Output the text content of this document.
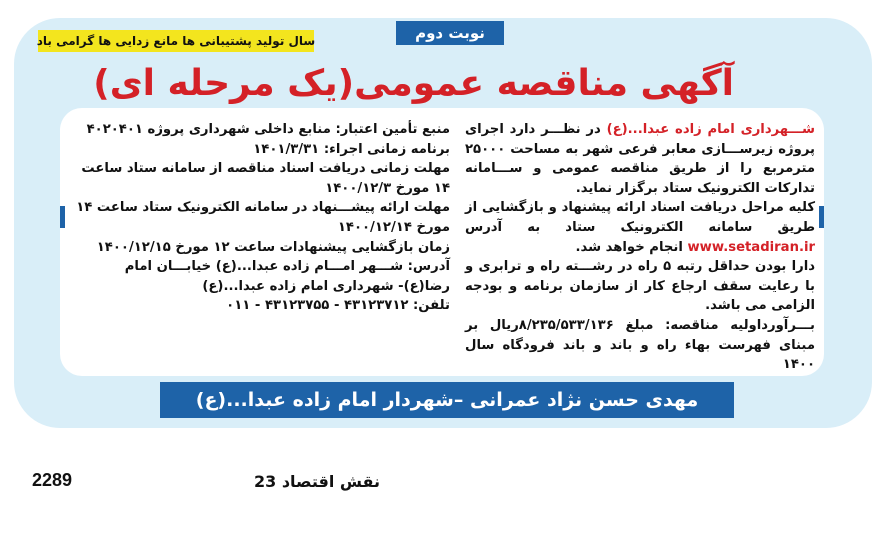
نوبت دوم
سال تولید پشتیبانی ها مانع زدایی ها گرامی باد
آگهی مناقصه عمومی(یک مرحله ای)

شـــهرداری امام زاده عبدا...(ع) در نظـــر دارد اجرای پروژه زیرســـازی معابر فرعی شهر به مساحت ۲۵۰۰۰ مترمربع را از طریق مناقصه عمومی و ســـامانه تدارکات الکترونیک ستاد برگزار نماید.

کلیه مراحل دریافت اسناد ارائه پیشنهاد و بازگشایی از طریق سامانه الکترونیک ستاد به آدرس www.setadiran.ir انجام خواهد شد.

دارا بودن حداقل رتبه ۵ راه در رشـــته راه و ترابری و با رعایت سقف ارجاع کار از سازمان برنامه و بودجه الزامی می باشد.

بـــرآورداولیه مناقصه: مبلغ ۸/۲۳۵/۵۳۳/۱۳۶ریال بر مبنای فهرست بهاء راه و باند و باند فرودگاه سال ۱۴۰۰

منبع تأمین اعتبار: منابع داخلی شهرداری پروژه ۴۰۲۰۴۰۱

برنامه زمانی اجراء: ۱۴۰۱/۳/۳۱

مهلت زمانی دریافت اسناد مناقصه از سامانه ستاد ساعت ۱۴ مورخ ۱۴۰۰/۱۲/۳

مهلت ارائه پیشـــنهاد در سامانه الکترونیک ستاد ساعت ۱۴ مورخ ۱۴۰۰/۱۲/۱۴

زمان بازگشایی پیشنهادات ساعت ۱۲ مورخ ۱۴۰۰/۱۲/۱۵

آدرس: شـــهر امـــام زاده عبدا...(ع) خیابـــان امام رضا(ع)- شهرداری امام زاده عبدا...(ع)

تلفن: ۴۳۱۲۳۷۱۲ - ۴۳۱۲۳۷۵۵ - ۰۱۱

مهدی حسن نژاد عمرانی –شهردار امام زاده عبدا...(ع)
2289	نقش اقتصاد 23
